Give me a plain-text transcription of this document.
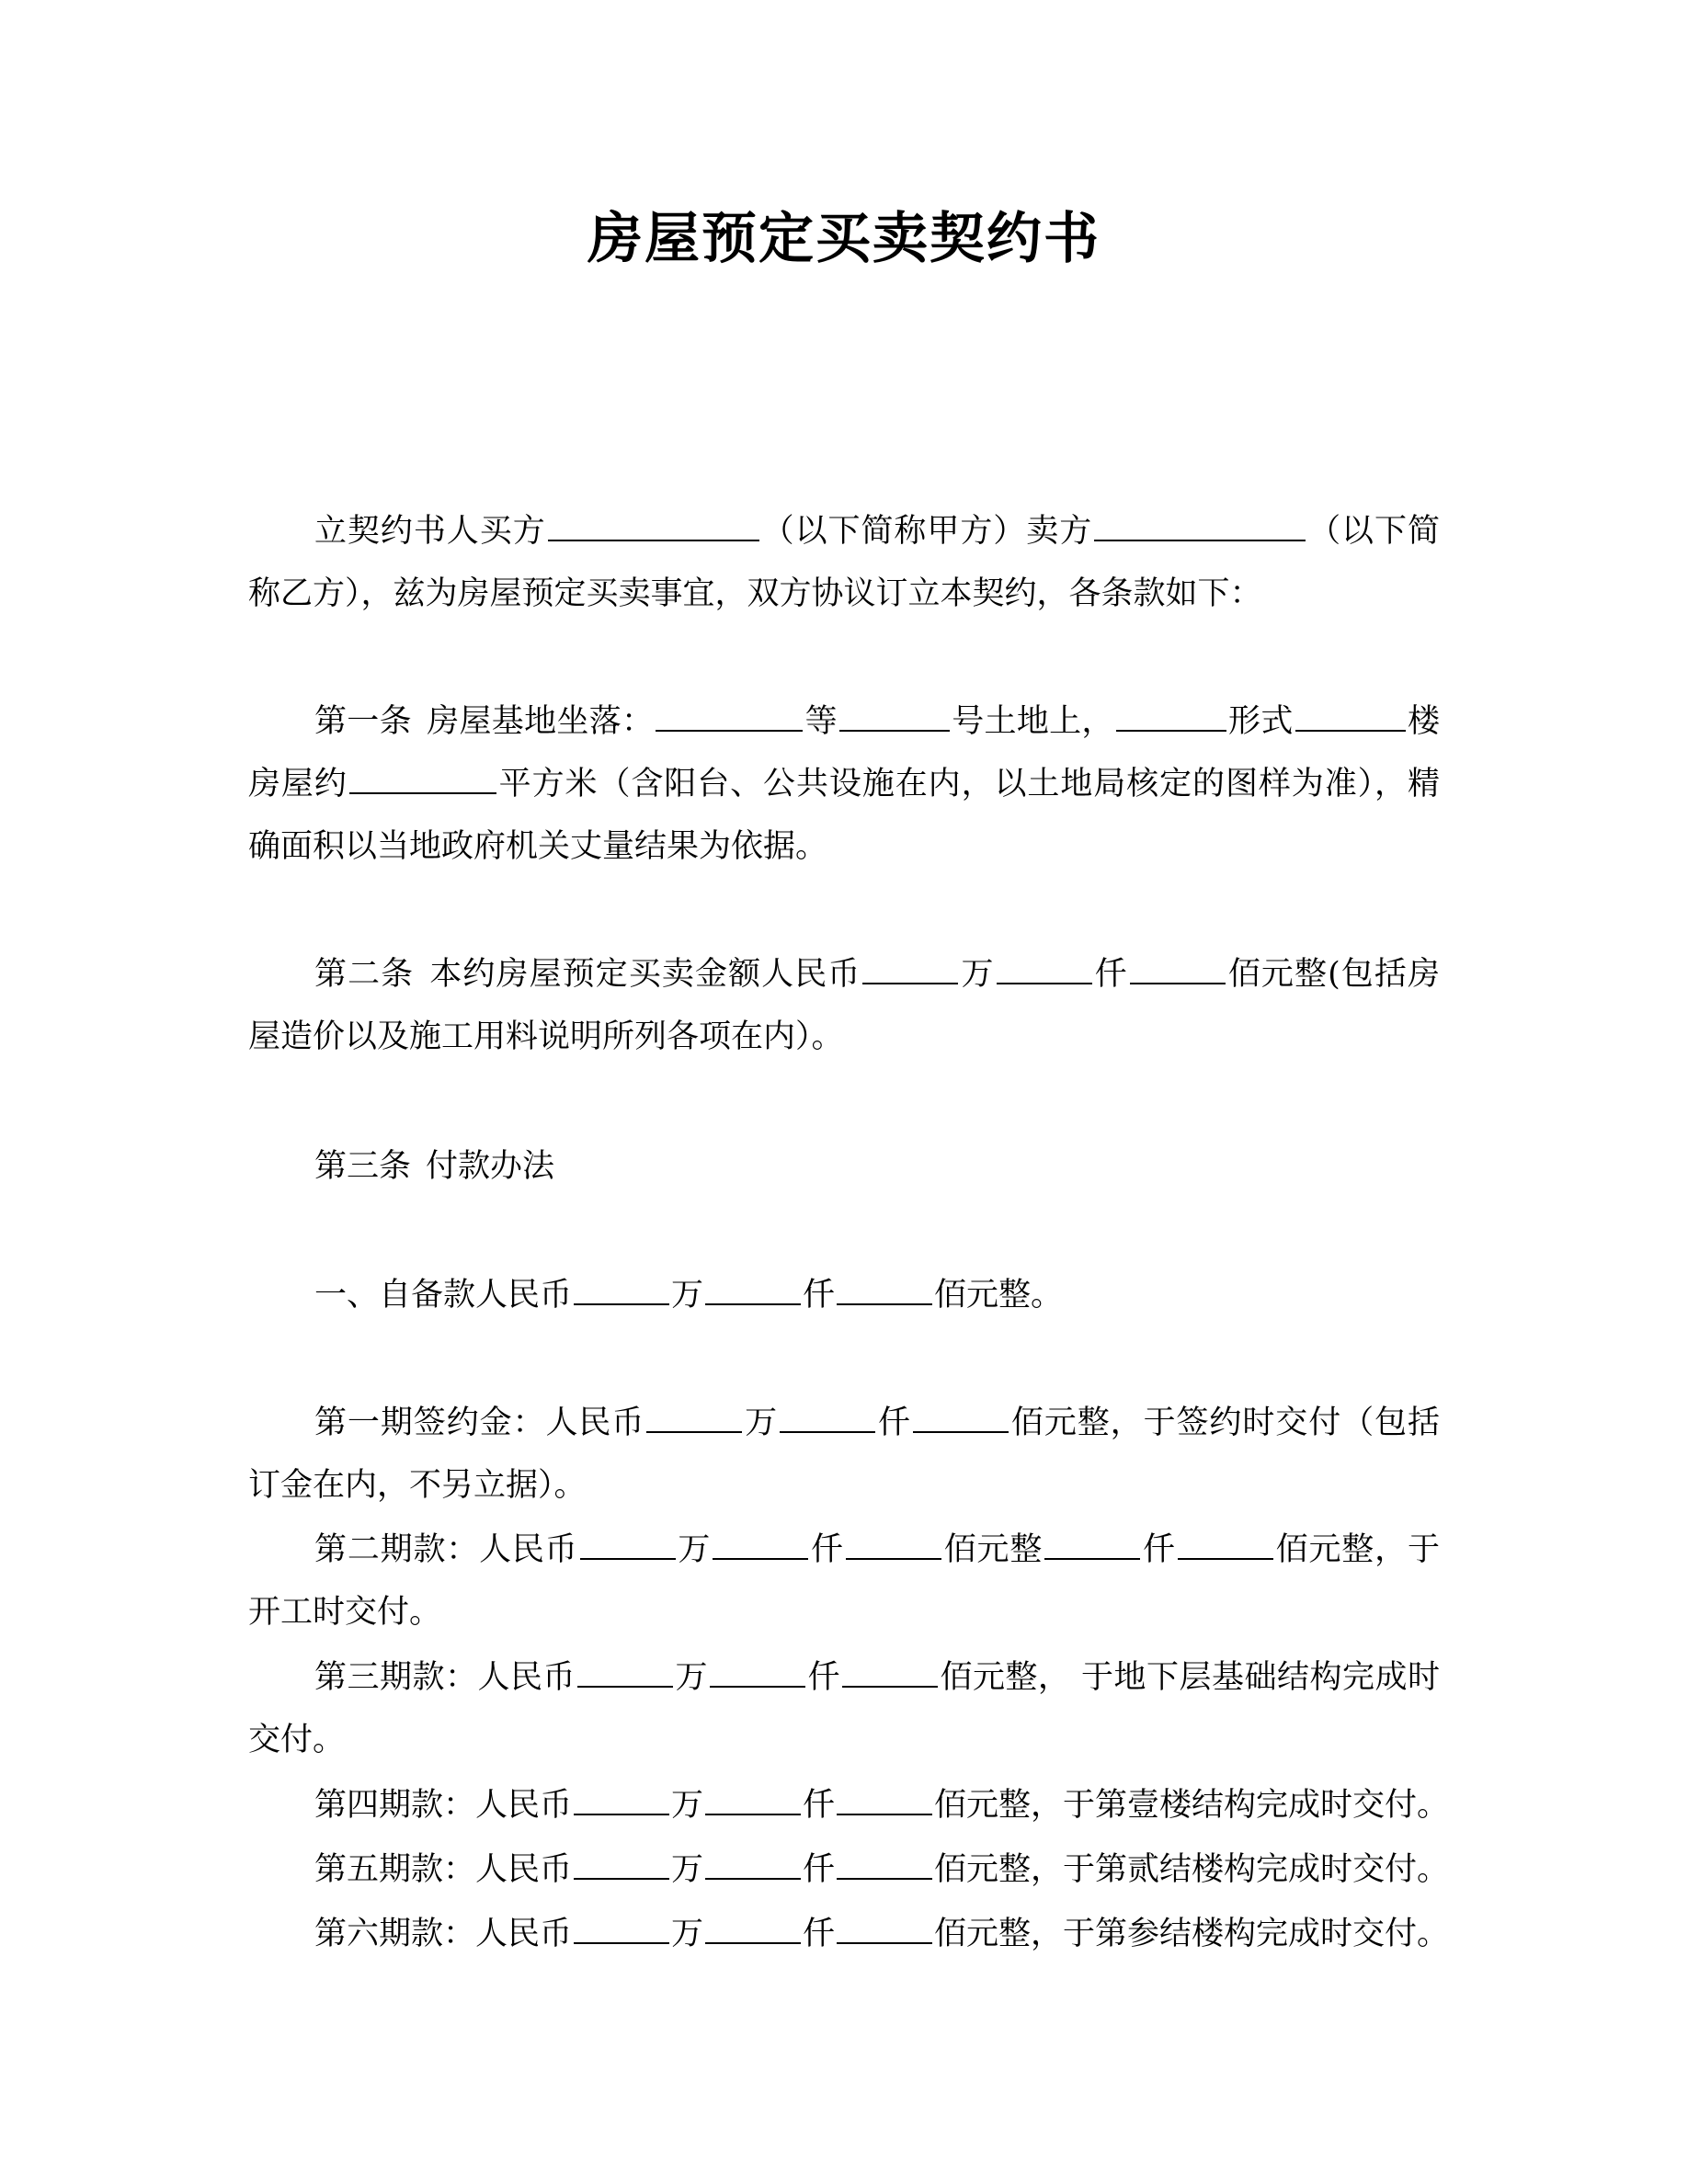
房屋预定买卖契约书
立契约书人买方	（以下简称甲方）卖方	（以下简称乙方），兹为房屋预定买卖事宜，双方协议订立本契约，各条款如下：
第一条 房屋基地坐落：	等	号土地上，	形式	楼房屋约	平方米（含阳台、公共设施在内，以土地局核定的图样为准），精确面积以当地政府机关丈量结果为依据。
第二条 本约房屋预定买卖金额人民币	万	仟	佰元整(包括房屋造价以及施工用料说明所列各项在内）。
第三条 付款办法
一、自备款人民币	万	仟	佰元整。
第一期签约金：人民币	万	仟	佰元整，于签约时交付（包括订金在内，不另立据）。
第二期款：人民币	万	仟	佰元整	仟	佰元整，于开工时交付。
第三期款：人民币	万	仟	佰元整， 于地下层基础结构完成时交付。
第四期款：人民币	万	仟	佰元整，于第壹楼结构完成时交付。
第五期款：人民币	万	仟	佰元整，于第贰结楼构完成时交付。
第六期款：人民币	万	仟	佰元整，于第参结楼构完成时交付。
